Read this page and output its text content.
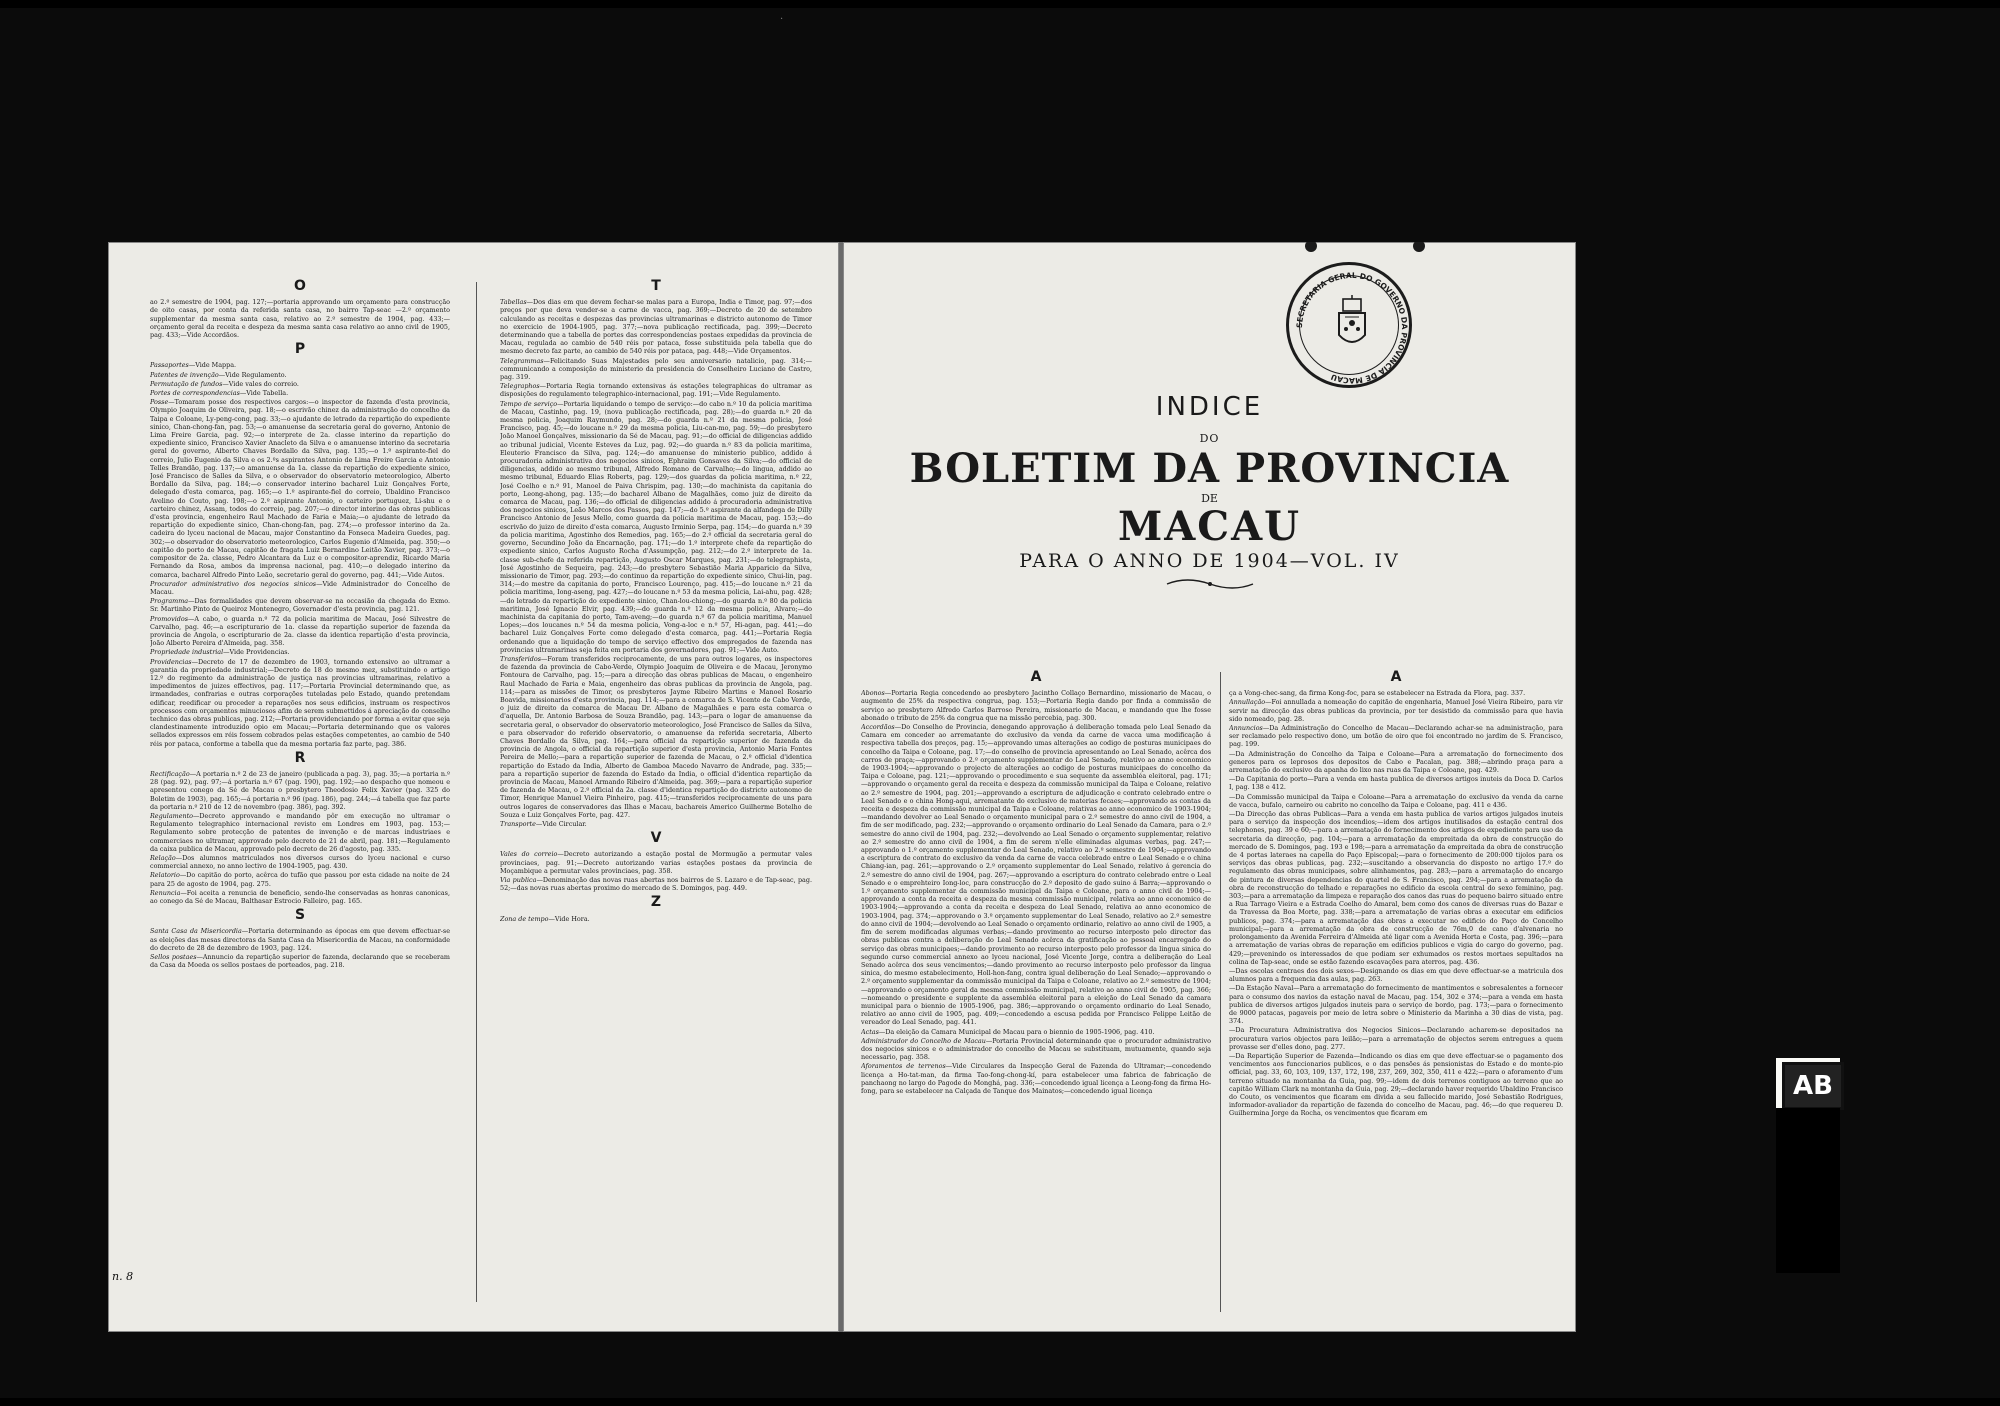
·
O
ao 2.º semestre de 1904, pag. 127;—portaria approvando um orçamento para construcção de oito casas, por conta da referida santa casa, no bairro Tap-seac —2.º orçamento supplementar da mesma santa casa, relativo ao 2.º semestre de 1904, pag. 433;—orçamento geral da receita e despeza da mesma santa casa relativo ao anno civil de 1905, pag. 433;—Vide Accordãos.
P
Passaportes—Vide Mappa.
Patentes de invenção—Vide Regulamento.
Permutação de fundos—Vide vales do correio.
Portes de correspondencias—Vide Tabella.
Posse—Tomaram posse dos respectivos cargos:—o inspector de fazenda d'esta provincia, Olympio Joaquim de Oliveira, pag. 18;—o escrivão chinez da administração do concelho da Taipa e Coloane, Ly-peng-cong, pag. 33;—o ajudante de letrado da repartição do expediente sinico, Chan-chong-fan, pag. 53;—o amanuense da secretaria geral do governo, Antonio de Lima Freire Garcia, pag. 92;—o interprete de 2a. classe interino da repartição do expediente sinico, Francisco Xavier Anacleto da Silva e o amanuense interino da secretaria geral do governo, Alberto Chaves Bordallo da Silva, pag. 135;—o 1.º aspirante-fiel do correio, Julio Eugenio da Silva e os 2.ºs aspirantes Antonio de Lima Freire Garcia e Antonio Telles Brandão, pag. 137;—o amanuense da 1a. classe da repartição do expediente sinico, José Francisco de Salles da Silva, e o observador do observatorio meteorologico, Alberto Bordallo da Silva, pag. 184;—o conservador interino bacharel Luiz Gonçalves Forte, delegado d'esta comarca, pag. 165;—o 1.º aspirante-fiel do correio, Ubaldino Francisco Avelino do Couto, pag. 198;—o 2.º aspirante Antonio, o carteiro portuguez, Li-shu e o carteiro chinez, Assam, todos do correio, pag. 207;—o director interino das obras publicas d'esta provincia, engenheiro Raul Machado de Faria e Maia;—o ajudante de letrado da repartição do expediente sinico, Chan-chong-fan, pag. 274;—o professor interino da 2a. cadeira do lyceu nacional de Macau, major Constantino da Fonseca Madeira Guedes, pag. 302;—o observador do observatorio meteorologico, Carlos Eugenio d'Almeida, pag. 350;—o capitão do porto de Macau, capitão de fragata Luiz Bernardino Leitão Xavier, pag. 373;—o compositor de 2a. classe, Pedro Alcantara da Luz e o compositor-aprendiz, Ricardo Maria Fernando da Rosa, ambos da imprensa nacional, pag. 410;—o delegado interino da comarca, bacharel Alfredo Pinto Leão, secretario geral do governo, pag. 441;—Vide Autos.
Procurador administrativo dos negocios sinicos—Vide Administrador do Concelho de Macau.
Programma—Das formalidades que devem observar-se na occasião da chegada do Exmo. Sr. Martinho Pinto de Queiroz Montenegro, Governador d'esta provincia, pag. 121.
Promovidos—A cabo, o guarda n.º 72 da policia maritima de Macau, José Silvestre de Carvalho, pag. 46;—a escripturario de 1a. classe da repartição superior de fazenda da provincia de Angola, o escripturario de 2a. classe da identica repartição d'esta provincia, João Alberto Pereira d'Almeida, pag. 358.
Propriedade industrial—Vide Providencias.
Providencias—Decreto de 17 de dezembro de 1903, tornando extensivo ao ultramar a garantia da propriedade industrial;—Decreto de 18 do mesmo mez, substituindo o artigo 12.º do regimento da administração de justiça nas provincias ultramarinas, relativo a impedimentos de juizes effectivos, pag. 117;—Portaria Provincial determinando que, as irmandades, confrarias e outras corporações tuteladas pelo Estado, quando pretendam edificar, reedificar ou proceder a reparações nos seus edificios, instruam os respectivos processos com orçamentos minuciosos afim de serem submettidos á apreciação do conselho technico das obras publicas, pag. 212;—Portaria providenciando por forma a evitar que seja clandestinamente introduzido opio em Macau;—Portaria determinando que os valores sellados expressos em réis fossem cobrados pelas estações competentes, ao cambio de 540 réis por pataca, conforme a tabella que da mesma portaria faz parte, pag. 386.
R
Rectificação—A portaria n.º 2 de 23 de janeiro (publicada a pag. 3), pag. 35;—a portaria n.º 28 (pag. 92), pag. 97;—á portaria n.º 67 (pag. 190), pag. 192;—ao despacho que nomeou e apresentou conego da Sé de Macau o presbytero Theodosio Felix Xavier (pag. 325 do Boletim de 1903), pag. 165;—á portaria n.º 96 (pag. 186), pag. 244;—á tabella que faz parte da portaria n.º 210 de 12 de novembro (pag. 386), pag. 392.
Regulamento—Decreto approvando e mandando pôr em execução no ultramar o Regulamento telegraphico internacional revisto em Londres em 1903, pag. 153;—Regulamento sobre protecção de patentes de invenção e de marcas industriaes e commerciaes no ultramar, approvado pelo decreto de 21 de abril, pag. 181;—Regulamento da caixa publica de Macau, approvado pelo decreto de 26 d'agosto, pag. 335.
Relação—Dos alumnos matriculados nos diversos cursos do lyceu nacional e curso commercial annexo, no anno lectivo de 1904-1905, pag. 430.
Relatorio—Do capitão do porto, acêrca do tufão que passou por esta cidade na noite de 24 para 25 de agosto de 1904, pag. 275.
Renuncia—Foi aceita a renuncia de beneficio, sendo-lhe conservadas as honras canonicas, ao conego da Sé de Macau, Balthasar Estrocio Falleiro, pag. 165.
S
Santa Casa da Misericordia—Portaria determinando as épocas em que devem effectuar-se as eleições das mesas directoras da Santa Casa da Misericordia de Macau, na conformidade do decreto de 28 de dezembro de 1903, pag. 124.
Sellos postaes—Annuncio da repartição superior de fazenda, declarando que se receberam da Casa da Moeda os sellos postaes de porteados, pag. 218.
T
Tabellas—Dos dias em que devem fechar-se malas para a Europa, India e Timor, pag. 97;—dos preços por que deva vender-se a carne de vacca, pag. 369;—Decreto de 20 de setembro calculando as receitas e despezas das provincias ultramarinas e districto autonomo de Timor no exercicio de 1904-1905, pag. 377;—nova publicação rectificada, pag. 399;—Decreto determinando que a tabella de portes das correspondencias postaes expedidas da provincia de Macau, regulada ao cambio de 540 réis por pataca, fosse substituida pela tabella que do mesmo decreto faz parte, ao cambio de 540 réis por pataca, pag. 448;—Vide Orçamentos.
Telegrammas—Felicitando Suas Majestades pelo seu anniversario natalicio, pag. 314;—communicando a composição do ministerio da presidencia do Conselheiro Luciano de Castro, pag. 319.
Telegraphos—Portaria Regia tornando extensivas ás estações telegraphicas do ultramar as disposições do regulamento telegraphico-internacional, pag. 191;—Vide Regulamento.
Tempo de serviço—Portaria liquidando o tempo de serviço:—do cabo n.º 10 da policia maritima de Macau, Castinho, pag. 19, (nova publicação rectificada, pag. 28);—do guarda n.º 20 da mesma policia, Joaquim Raymundo, pag. 28;—do guarda n.º 21 da mesma policia, José Francisco, pag. 45;—do loucane n.º 29 da mesma policia, Liu-can-mo, pag. 59;—do presbytero João Manoel Gonçalves, missionario da Sé de Macau, pag. 91;—do official de diligencias addido ao tribunal judicial, Vicente Esteves da Luz, pag. 92;—do guarda n.º 83 da policia maritima, Eleuterio Francisco da Silva, pag. 124;—do amanuense do ministerio publico, addido á procuradoria administrativa dos negocios sinicos, Ephraim Gonsaves da Silva;—do official de diligencias, addido ao mesmo tribunal, Alfredo Romano de Carvalho;—do lingua, addido ao mesmo tribunal, Eduardo Elias Roberts, pag. 129;—dos guardas da policia maritima, n.º 22, José Coelho e n.º 91, Manoel de Paiva Chrispim, pag. 130;—do machinista da capitania do porto, Leong-ahong, pag. 135;—do bacharel Albano de Magalhães, como juiz de direito da comarca de Macau, pag. 136;—do official de diligencias addido á procuradoria administrativa dos negocios sinicos, Leão Marcos dos Passos, pag. 147;—do 5.º aspirante da alfandega de Dilly Francisco Antonio de Jesus Mello, como guarda da policia maritima de Macau, pag. 153;—do escrivão do juizo de direito d'esta comarca, Augusto Irminio Serpa, pag. 154;—do guarda n.º 39 da policia maritima, Agostinho dos Remedios, pag. 165;—do 2.º official da secretaria geral do governo, Secundino João da Encarnação, pag. 171;—do 1.º interprete chefe da repartição do expediente sinico, Carlos Augusto Rocha d'Assumpção, pag. 212;—do 2.º interprete de 1a. classe sub-chefe da referida repartição, Augusto Oscar Marques, pag. 231;—do telegraphista, José Agostinho de Sequeira, pag. 243;—do presbytero Sebastião Maria Apparicio da Silva, missionario de Timor, pag. 293;—do continuo da repartição do expediente sinico, Chui-lin, pag. 314;—do mestre da capitania do porto, Francisco Lourenço, pag. 415;—do loucane n.º 21 da policia maritima, Iong-aseng, pag. 427;—do loucane n.º 53 da mesma policia, Lai-ahu, pag. 428;—do letrado da repartição do expediente sinico, Chan-lou-chiong;—do guarda n.º 80 da policia maritima, José Ignacio Elvir, pag. 439;—do guarda n.º 12 da mesma policia, Alvaro;—do machinista da capitania do porto, Tam-aveng;—do guarda n.º 67 da policia maritima, Manuel Lopes;—dos loucanes n.º 54 da mesma policia, Vong-a-loc e n.º 57, Hi-agan, pag. 441;—do bacharel Luiz Gonçalves Forte como delegado d'esta comarca, pag. 441;—Portaria Regia ordenando que a liquidação do tempo de serviço effectivo dos empregados de fazenda nas provincias ultramarinas seja feita em portaria dos governadores, pag. 91;—Vide Auto.
Transferidos—Foram transferidos reciprocamente, de uns para outros logares, os inspectores de fazenda da provincia de Cabo-Verde, Olympio Joaquim de Oliveira e de Macau, Jeronymo Fontoura de Carvalho, pag. 15;—para a direcção das obras publicas de Macau, o engenheiro Raul Machado de Faria e Maia, engenheiro das obras publicas da provincia de Angola, pag. 114;—para as missões de Timor, os presbyteros Jayme Ribeiro Martins e Manoel Rosario Boavida, missionarios d'esta provincia, pag. 114;—para a comarca de S. Vicente de Cabo Verde, o juiz de direito da comarca de Macau Dr. Albano de Magalhães e para esta comarca o d'aquella, Dr. Antonio Barbosa de Souza Brandão, pag. 143;—para o logar de amanuense da secretaria geral, o observador do observatorio meteorologico, José Francisco de Salles da Silva, e para observador do referido observatorio, o amanuense da referida secretaria, Alberto Chaves Bordallo da Silva, pag. 164;—para official da repartição superior de fazenda da provincia de Angola, o official da repartição superior d'esta provincia, Antonio Maria Fontes Pereira de Mello;—para a repartição superior de fazenda de Macau, o 2.º official d'identica repartição do Estado da India, Alberto de Gamboa Macedo Navarro de Andrade, pag. 335;—para a repartição superior de fazenda do Estado da India, o official d'identica repartição da provincia de Macau, Manoel Armando Ribeiro d'Almeida, pag. 369;—para a repartição superior de fazenda de Macau, o 2.º official da 2a. classe d'identica repartição do districto autonomo de Timor, Henrique Manuel Vieira Pinheiro, pag. 415;—transferidos reciprocamente de uns para outros logares de conservadores das Ilhas e Macau, bachareis Americo Guilherme Botelho de Souza e Luiz Gonçalves Forte, pag. 427.
Transporte—Vide Circular.
V
Vales do correio—Decreto autorizando a estação postal de Mormugão a permutar vales provinciaes, pag. 91;—Decreto autorizando varias estações postaes da provincia de Moçambique a permutar vales provinciaes, pag. 358.
Via publica—Denominação das novas ruas abertas nos bairros de S. Lazaro e de Tap-seac, pag. 52;—das novas ruas abertas proximo do mercado de S. Domingos, pag. 449.
Z
Zona de tempo—Vide Hora.
n. 8
SECRETARIA GERAL DO GOVERNO DA PROVINCIA DE MACAU
INDICE
DO
BOLETIM DA PROVINCIA
DE
MACAU
PARA O ANNO DE 1904—VOL. IV
A
Abonos—Portaria Regia concedendo ao presbytero Jacintho Collaço Bernardino, missionario de Macau, o augmento de 25% da respectiva congrua, pag. 153;—Portaria Regia dando por finda a commissão de serviço ao presbytero Alfredo Carlos Barroso Pereira, missionario de Macau, e mandando que lhe fosse abonado o tributo de 25% da congrua que na missão percebia, pag. 300.
Accordãos—Do Conselho de Provincia, denegando approvação á deliberação tomada pelo Leal Senado da Camara em conceder ao arrematante do exclusivo da venda da carne de vacca uma modificação á respectiva tabella dos preços, pag. 15;—approvando umas alterações ao codigo de posturas municipaes do concelho da Taipa e Coloane, pag. 17;—do conselho de provincia apresentando ao Leal Senado, acêrca dos carros de praça;—approvando o 2.º orçamento supplementar do Leal Senado, relativo ao anno economico de 1903-1904;—approvando o projecto de alterações ao codigo de posturas municipaes do concelho da Taipa e Coloane, pag. 121;—approvando o procedimento e sua sequente da assembléa eleitoral, pag. 171;—approvando o orçamento geral da receita e despeza da commissão municipal da Taipa e Coloane, relativo ao 2.º semestre de 1904, pag. 201;—approvando a escriptura de adjudicação e contrato celebrado entre o Leal Senado e o china Hong-aqui, arrematante do exclusivo de materias fecaes;—approvando as contas da receita e despeza da commissão municipal da Taipa e Coloane, relativas ao anno economico de 1903-1904;—mandando devolver ao Leal Senado o orçamento municipal para o 2.º semestre do anno civil de 1904, a fim de ser modificado, pag. 232;—approvando o orçamento ordinario do Leal Senado da Camara, para o 2.º semestre do anno civil de 1904, pag. 232;—devolvendo ao Leal Senado o orçamento supplementar, relativo ao 2.º semestre do anno civil de 1904, a fim de serem n'elle eliminadas algumas verbas, pag. 247;—approvando o 1.º orçamento supplementar do Leal Senado, relativo ao 2.º semestre de 1904;—approvando a escriptura de contrato do exclusivo da venda da carne de vacca celebrado entre o Leal Senado e o china Chiang-ian, pag. 261;—approvando o 2.º orçamento supplementar do Leal Senado, relativo á gerencia do 2.º semestre do anno civil de 1904, pag. 267;—approvando a escriptura do contrato celebrado entre o Leal Senado e o emprehteiro Iong-loc, para construcção do 2.º deposito de gado suino á Barra;—approvando o 1.º orçamento supplementar da commissão municipal da Taipa e Coloane, para o anno civil de 1904;—approvando a conta da receita e despeza da mesma commissão municipal, relativa ao anno economico de 1903-1904;—approvando a conta da receita e despeza do Leal Senado, relativa ao anno economico de 1903-1904, pag. 374;—approvando o 3.º orçamento supplementar do Leal Senado, relativo ao 2.º semestre do anno civil de 1904;—devolvendo ao Leal Senado o orçamento ordinario, relativo ao anno civil de 1905, a fim de serem modificadas algumas verbas;—dando provimento ao recurso interposto pelo director das obras publicas contra a deliberação do Leal Senado acêrca da gratificação ao pessoal encarregado do serviço das obras municipaes;—dando provimento ao recurso interposto pelo professor da lingua sinica do segundo curso commercial annexo ao lyceu nacional, José Vicente Jorge, contra a deliberação do Leal Senado acêrca dos seus vencimentos;—dando provimento ao recurso interposto pelo professor da lingua sinica, do mesmo estabelecimento, Holl-hon-fang, contra igual deliberação do Leal Senado;—approvando o 2.º orçamento supplementar da commissão municipal da Taipa e Coloane, relativo ao 2.º semestre de 1904;—approvando o orçamento geral da mesma commissão municipal, relativo ao anno civil de 1905, pag. 366;—nomeando o presidente e supplente da assembléa eleitoral para a eleição do Leal Senado da camara municipal para o biennio de 1905-1906, pag. 386;—approvando o orçamento ordinario do Leal Senado, relativo ao anno civil de 1905, pag. 409;—concedendo a escusa pedida por Francisco Felippe Leitão de vereador do Leal Senado, pag. 441.
Actas—Da eleição da Camara Municipal de Macau para o biennio de 1905-1906, pag. 410.
Administrador do Concelho de Macau—Portaria Provincial determinando que o procurador administrativo dos negocios sinicos e o administrador do concelho de Macau se substituam, mutuamente, quando seja necessario, pag. 358.
Aforamentos de terrenos—Vide Circulares da Inspecção Geral de Fazenda do Ultramar;—concedendo licença a Ho-tat-man, da firma Tao-fong-chong-kí, para estabelecer uma fabrica de fabricação de panchaong no largo do Pagode do Monghá, pag. 336;—concedendo igual licença a Leong-fong da firma Ho-fong, para se estabelecer na Calçada de Tanque dos Mainatos;—concedendo igual licença
A
ça a Vong-chec-sang, da firma Kong-foc, para se estabelecer na Estrada da Flora, pag. 337.
Annullação—Foi annullada a nomeação do capitão de engenharia, Manuel José Vieira Ribeiro, para vir servir na direcção das obras publicas da provincia, por ter desistido da commissão para que havia sido nomeado, pag. 28.
Annuncios—Da Administração do Concelho de Macau—Declarando achar-se na administração, para ser reclamado pelo respectivo dono, um botão de oiro que foi encontrado no jardim de S. Francisco, pag. 199.
—Da Administração do Concelho da Taipa e Coloane—Para a arrematação do fornecimento dos generos para os leprosos dos depositos de Cabo e Pacalan, pag. 388;—abrindo praça para a arrematação do exclusivo da apanha do lixo nas ruas da Taipa e Coloane, pag. 429.
—Da Capitania do porto—Para a venda em hasta publica de diversos artigos inuteis da Doca D. Carlos I, pag. 138 e 412.
—Da Commissão municipal da Taipa e Coloane—Para a arrematação do exclusivo da venda da carne de vacca, bufalo, carneiro ou cabrito no concelho da Taipa e Coloane, pag. 411 e 436.
—Da Direcção das obras Publicas—Para a venda em hasta publica de varios artigos julgados inuteis para o serviço da inspecção dos incendios;—idem dos artigos inutilisados da estação central dos telephones, pag. 39 e 60;—para a arrematação do fornecimento dos artigos de expediente para uso da secretaria da direcção, pag. 104;—para a arrematação da empreitada da obra de construcção do mercado de S. Domingos, pag. 193 e 198;—para a arrematação da empreitada da obra de construcção de 4 portas lateraes na capella do Paço Episcopal;—para o fornecimento de 200:000 tijolos para os serviços das obras publicas, pag. 232;—suscitando a observancia do disposto no artigo 17.º do regulamento das obras municipaes, sobre alinhamentos, pag. 283;—para a arrematação do encargo de pintura de diversas dependencias do quartel de S. Francisco, pag. 294;—para a arrematação da obra de reconstrucção do telhado e reparações no edificio da escola central do sexo feminino, pag. 303;—para a arrematação da limpeza e reparação dos canos das ruas do pequeno bairro situado entre a Rua Tarrago Vieira e a Estrada Coelho do Amaral, bem como dos canos de diversas ruas do Bazar e da Travessa da Boa Morte, pag. 338;—para a arrematação de varias obras a executar em edificios publicos, pag. 374;—para a arrematação das obras a executar no edificio do Paço do Concelho municipal;—para a arrematação da obra de construcção de 76m,0 de cano d'alvenaria no prolongamento da Avenida Ferreira d'Almeida até ligar com a Avenida Horta e Costa, pag. 396;—para a arrematação de varias obras de reparação em edificios publicos e vigia do cargo do governo, pag. 429;—prevenindo os interessados de que podiam ser exhumados os restos mortaes sepultados na colina de Tap-seac, onde se estão fazendo escavações para aterros, pag. 436.
—Das escolas centraes dos dois sexos—Designando os dias em que deve effectuar-se a matricula dos alumnos para a frequencia das aulas, pag. 263.
—Da Estação Naval—Para a arrematação do fornecimento de mantimentos e sobresalentes a fornecer para o consumo dos navios da estação naval de Macau, pag. 154, 302 e 374;—para a venda em hasta publica de diversos artigos julgados inuteis para o serviço de bordo, pag. 173;—para o fornecimento de 9000 patacas, pagaveis por meio de letra sobre o Ministerio da Marinha a 30 dias de vista, pag. 374.
—Da Procuratura Administrativa dos Negocios Sinicos—Declarando acharem-se depositados na procuratura varios objectos para leilão;—para a arrematação de objectos serem entregues a quem provasse ser d'elles dono, pag. 277.
—Da Repartição Superior de Fazenda—Indicando os dias em que deve effectuar-se o pagamento dos vencimentos aos funccionarios publicos, e o das pensões ás pensionistas do Estado e do monte-pio official, pag. 33, 60, 103, 109, 137, 172, 198, 237, 269, 302, 350, 411 e 422;—para o aforamento d'um terreno situado na montanha da Guia, pag. 99;—idem de dois terrenos contiguos ao terreno que ao capitão William Clark na montanha da Guia, pag. 29;—declarando haver requerido Ubaldino Francisco do Couto, os vencimentos que ficaram em divida a seu fallecido marido, José Sebastião Rodrigues, informador-avaliador da repartição de fazenda do concelho de Macau, pag. 46;—do que requereu D. Guilhermina Jorge da Rocha, os vencimentos que ficaram em
AB
